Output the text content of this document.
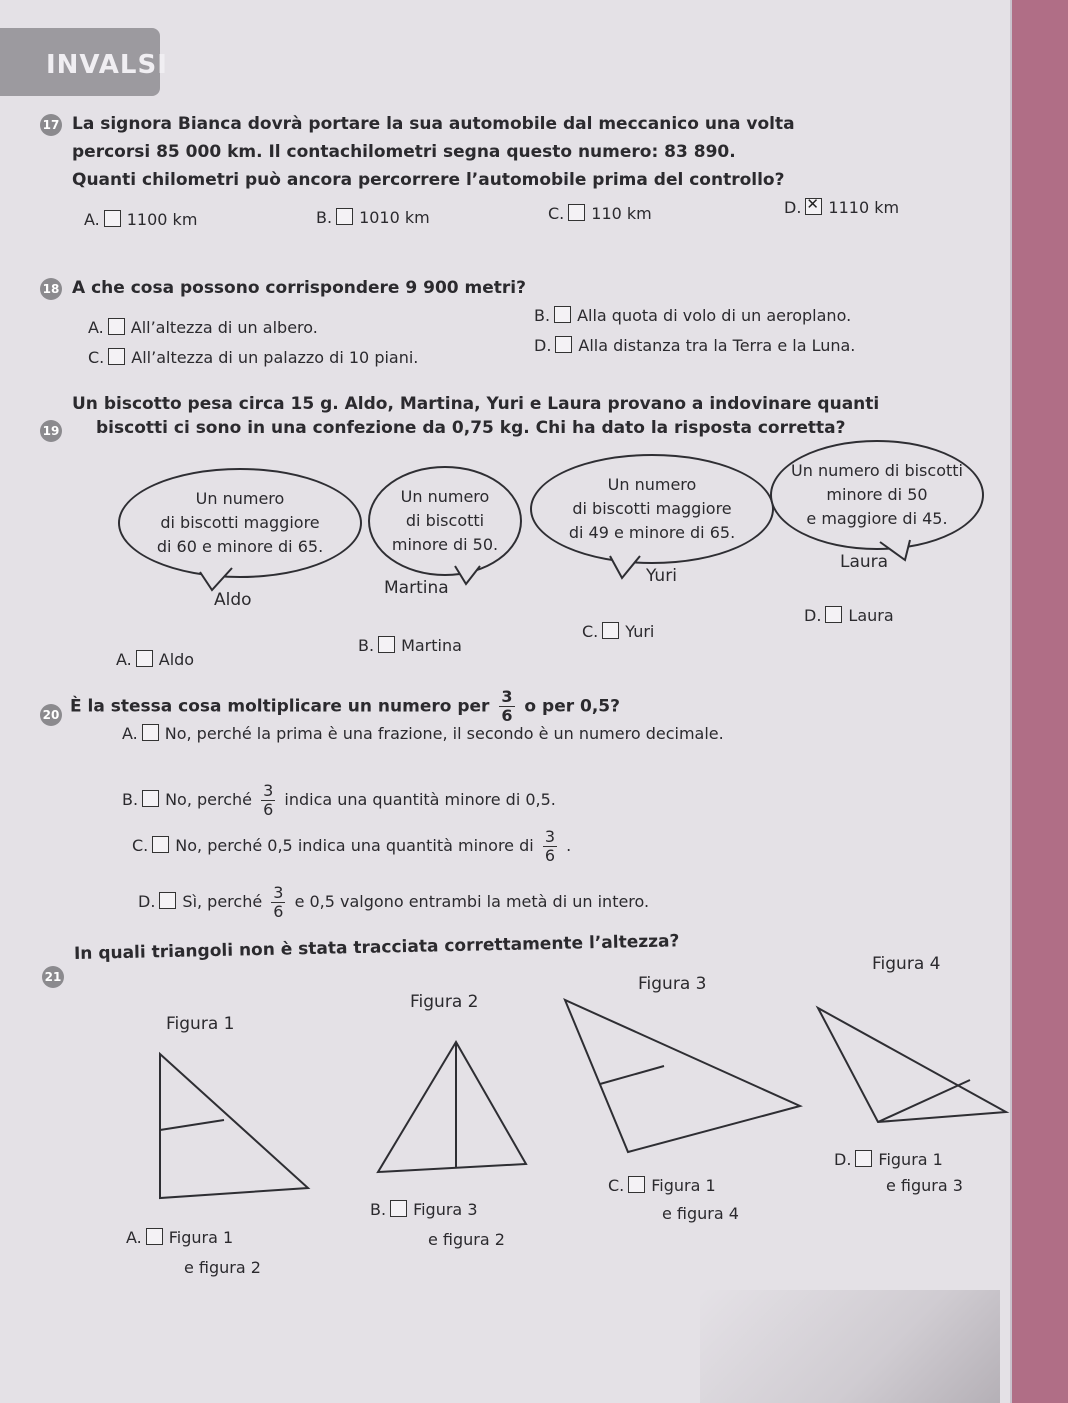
INVALSI
17 La signora Bianca dovrà portare la sua automobile dal meccanico una volta
percorsi 85 000 km. Il contachilometri segna questo numero: 83 890.
Quanti chilometri può ancora percorrere l’automobile prima del controllo?
A. 1100 km	B. 1010 km	C. 110 km	D.✕ 1110 km
18 A che cosa possono corrispondere 9 900 metri?
A. All’altezza di un albero.
B. Alla quota di volo di un aeroplano.
C. All’altezza di un palazzo di 10 piani.
D. Alla distanza tra la Terra e la Luna.
19
Un biscotto pesa circa 15 g. Aldo, Martina, Yuri e Laura provano a indovinare quanti
biscotti ci sono in una confezione da 0,75 kg. Chi ha dato la risposta corretta?
Un numero
di biscotti maggiore
di 60 e minore di 65.
Un numero
di biscotti
minore di 50.
Un numero
di biscotti maggiore
di 49 e minore di 65.
Un numero di biscotti
minore di 50
e maggiore di 45.
Aldo
Martina
Yuri
Laura
A. Aldo
B. Martina
C. Yuri
D. Laura
20 È la stessa cosa moltiplicare un numero per $\frac{3}{6}$ o per 0,5?
A. No, perché la prima è una frazione, il secondo è un numero decimale.
B. No, perché $\frac{3}{6}$ indica una quantità minore di 0,5.
C. No, perché 0,5 indica una quantità minore di $\frac{3}{6}$ .
D. Sì, perché $\frac{3}{6}$ e 0,5 valgono entrambi la metà di un intero.
21
In quali triangoli non è stata tracciata correttamente l’altezza?
Figura 1
Figura 2
Figura 3
Figura 4
A. Figura 1
e figura 2
B. Figura 3
e figura 2
C. Figura 1
e figura 4
D. Figura 1
e figura 3
